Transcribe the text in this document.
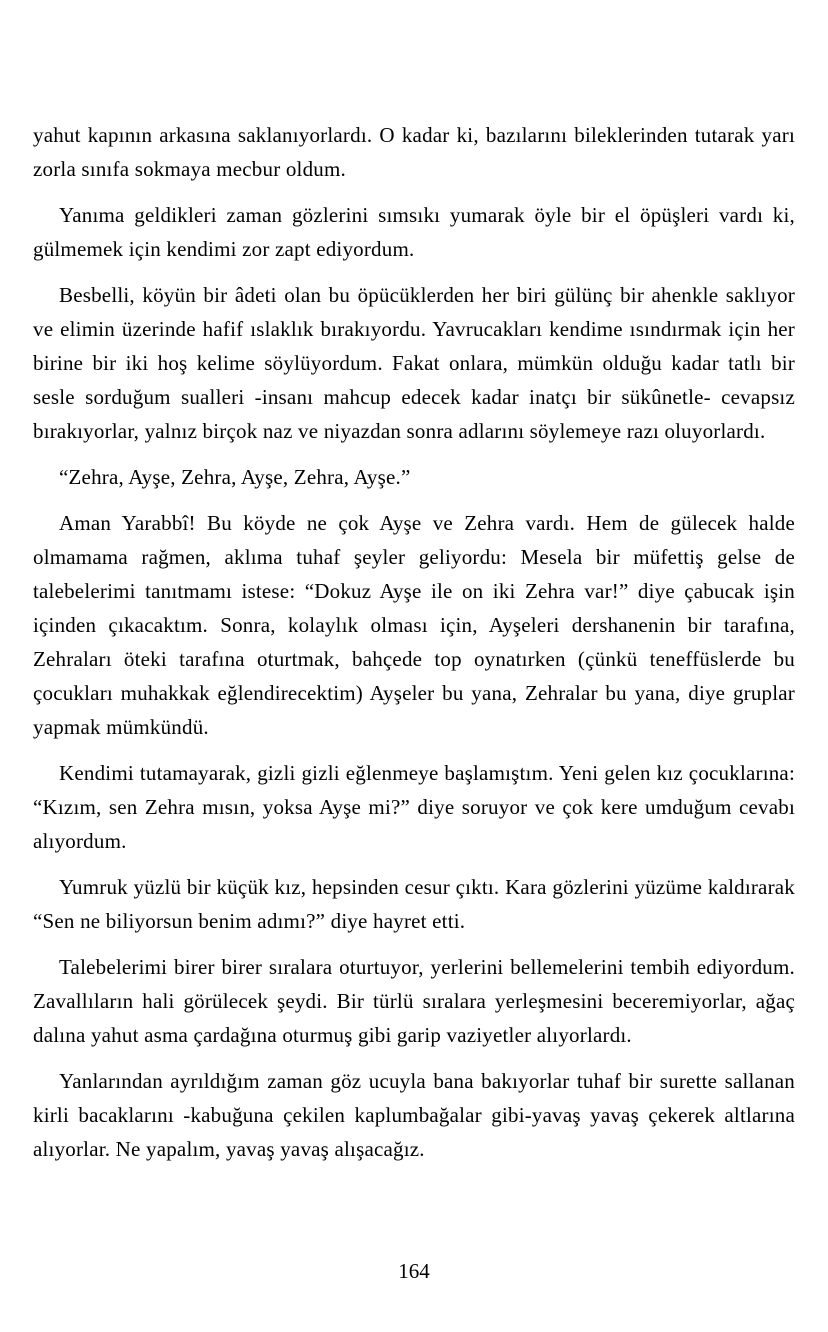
yahut kapının arkasına saklanıyorlardı. O kadar ki, bazılarını bileklerinden tutarak yarı zorla sınıfa sokmaya mecbur oldum.

Yanıma geldikleri zaman gözlerini sımsıkı yumarak öyle bir el öpüşleri vardı ki, gülmemek için kendimi zor zapt ediyordum.

Besbelli, köyün bir âdeti olan bu öpücüklerden her biri gülünç bir ahenkle saklıyor ve elimin üzerinde hafif ıslaklık bırakıyordu. Yavrucakları kendime ısındırmak için her birine bir iki hoş kelime söylüyordum. Fakat onlara, mümkün olduğu kadar tatlı bir sesle sorduğum sualleri -insanı mahcup edecek kadar inatçı bir sükûnetle- cevapsız bırakıyorlar, yalnız birçok naz ve niyazdan sonra adlarını söylemeye razı oluyorlardı.

“Zehra, Ayşe, Zehra, Ayşe, Zehra, Ayşe.”

Aman Yarabbî! Bu köyde ne çok Ayşe ve Zehra vardı. Hem de gülecek halde olmamama rağmen, aklıma tuhaf şeyler geliyordu: Mesela bir müfettiş gelse de talebelerimi tanıtmamı istese: “Dokuz Ayşe ile on iki Zehra var!” diye çabucak işin içinden çıkacaktım. Sonra, kolaylık olması için, Ayşeleri dershanenin bir tarafına, Zehraları öteki tarafına oturtmak, bahçede top oynatırken (çünkü teneffüslerde bu çocukları muhakkak eğlendirecektim) Ayşeler bu yana, Zehralar bu yana, diye gruplar yapmak mümkündü.

Kendimi tutamayarak, gizli gizli eğlenmeye başlamıştım. Yeni gelen kız çocuklarına: “Kızım, sen Zehra mısın, yoksa Ayşe mi?” diye soruyor ve çok kere umduğum cevabı alıyordum.

Yumruk yüzlü bir küçük kız, hepsinden cesur çıktı. Kara gözlerini yüzüme kaldırarak “Sen ne biliyorsun benim adımı?” diye hayret etti.

Talebelerimi birer birer sıralara oturtuyor, yerlerini bellemelerini tembih ediyordum. Zavallıların hali görülecek şeydi. Bir türlü sıralara yerleşmesini beceremiyorlar, ağaç dalına yahut asma çardağına oturmuş gibi garip vaziyetler alıyorlardı.

Yanlarından ayrıldığım zaman göz ucuyla bana bakıyorlar tuhaf bir surette sallanan kirli bacaklarını -kabuğuna çekilen kaplumbağalar gibi-yavaş yavaş çekerek altlarına alıyorlar. Ne yapalım, yavaş yavaş alışacağız.

164
